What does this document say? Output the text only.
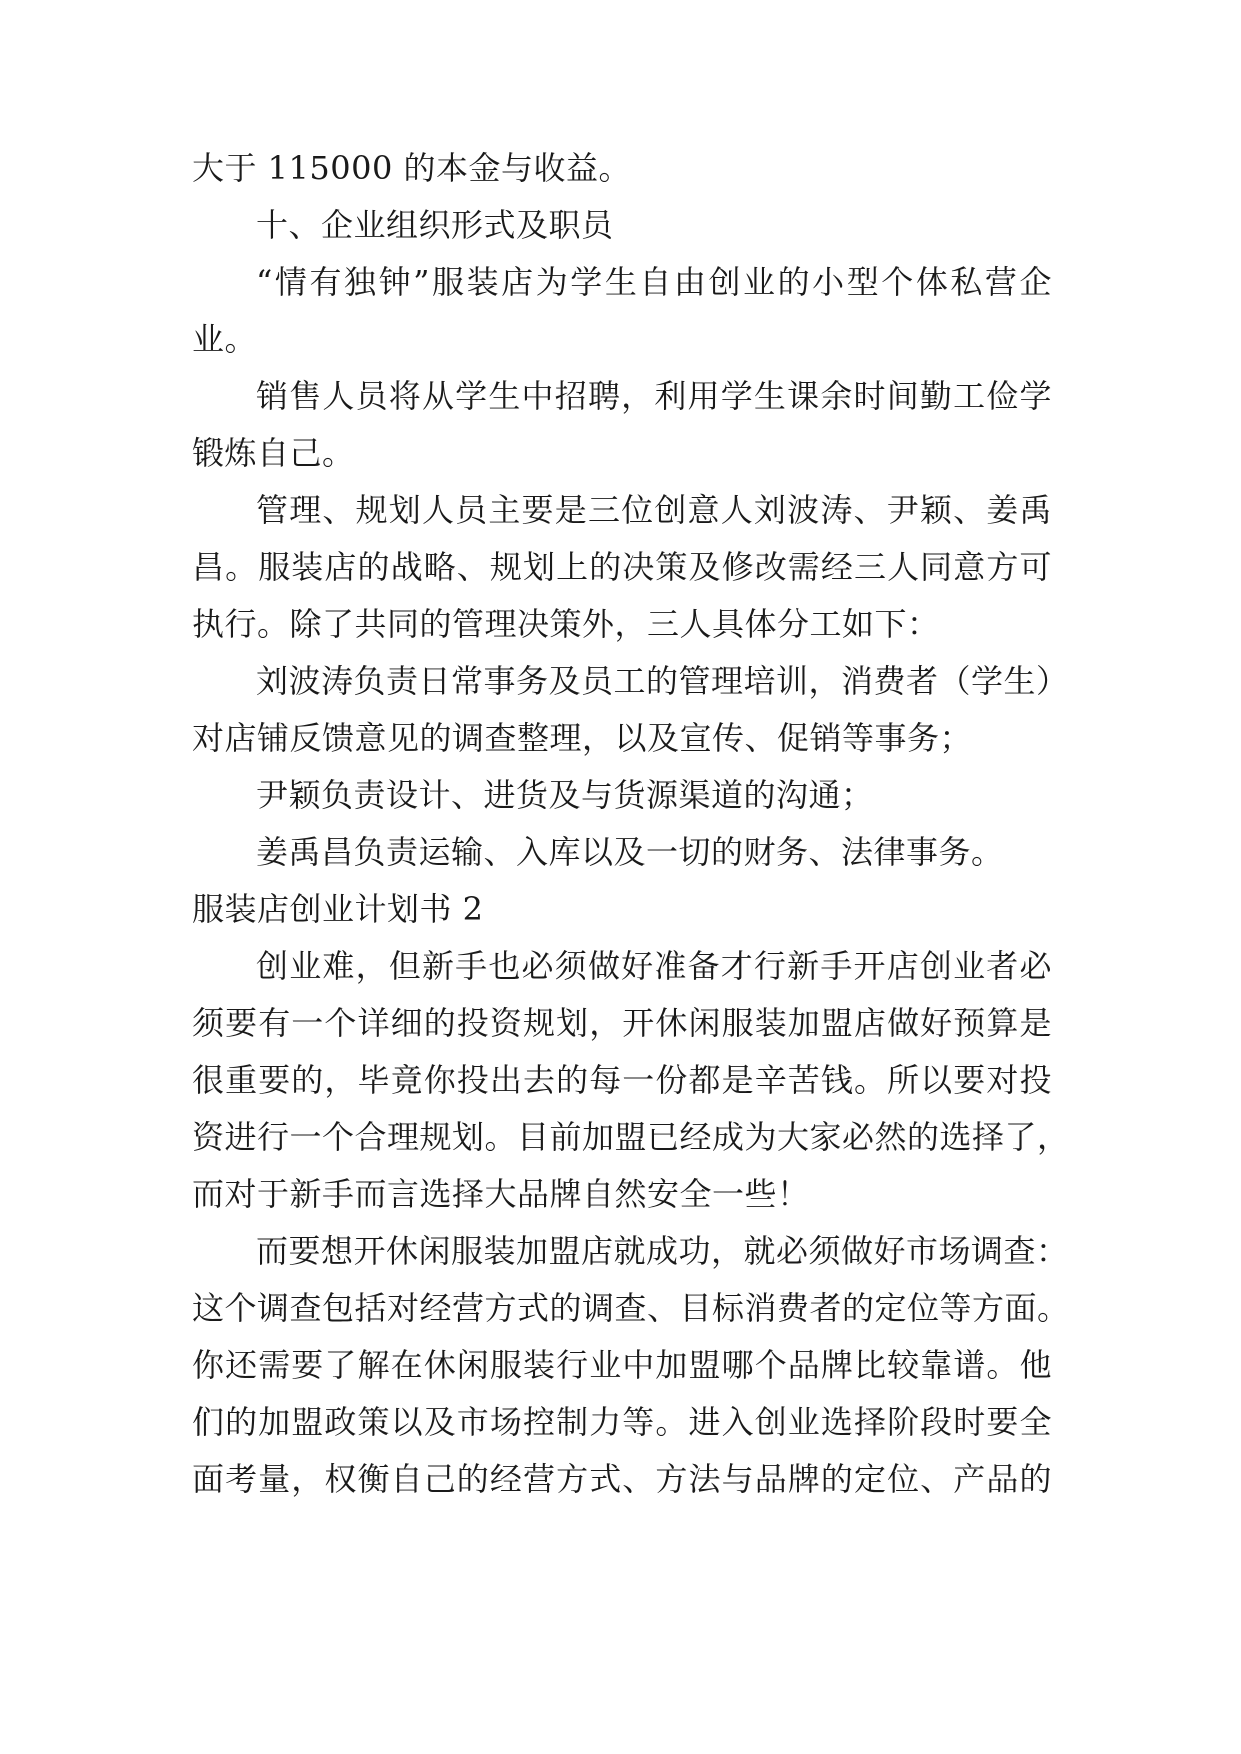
大于 115000 的本金与收益。
十、企业组织形式及职员
“情有独钟”服装店为学生自由创业的小型个体私营企
业。
销售人员将从学生中招聘，利用学生课余时间勤工俭学
锻炼自己。
管理、规划人员主要是三位创意人刘波涛、尹颖、姜禹
昌。服装店的战略、规划上的决策及修改需经三人同意方可
执行。除了共同的管理决策外，三人具体分工如下：
刘波涛负责日常事务及员工的管理培训，消费者（学生）
对店铺反馈意见的调查整理，以及宣传、促销等事务；
尹颖负责设计、进货及与货源渠道的沟通；
姜禹昌负责运输、入库以及一切的财务、法律事务。
服装店创业计划书 2
创业难，但新手也必须做好准备才行新手开店创业者必
须要有一个详细的投资规划，开休闲服装加盟店做好预算是
很重要的，毕竟你投出去的每一份都是辛苦钱。所以要对投
资进行一个合理规划。目前加盟已经成为大家必然的选择了，
而对于新手而言选择大品牌自然安全一些！
而要想开休闲服装加盟店就成功，就必须做好市场调查：
这个调查包括对经营方式的调查、目标消费者的定位等方面。
你还需要了解在休闲服装行业中加盟哪个品牌比较靠谱。他
们的加盟政策以及市场控制力等。进入创业选择阶段时要全
面考量，权衡自己的经营方式、方法与品牌的定位、产品的
